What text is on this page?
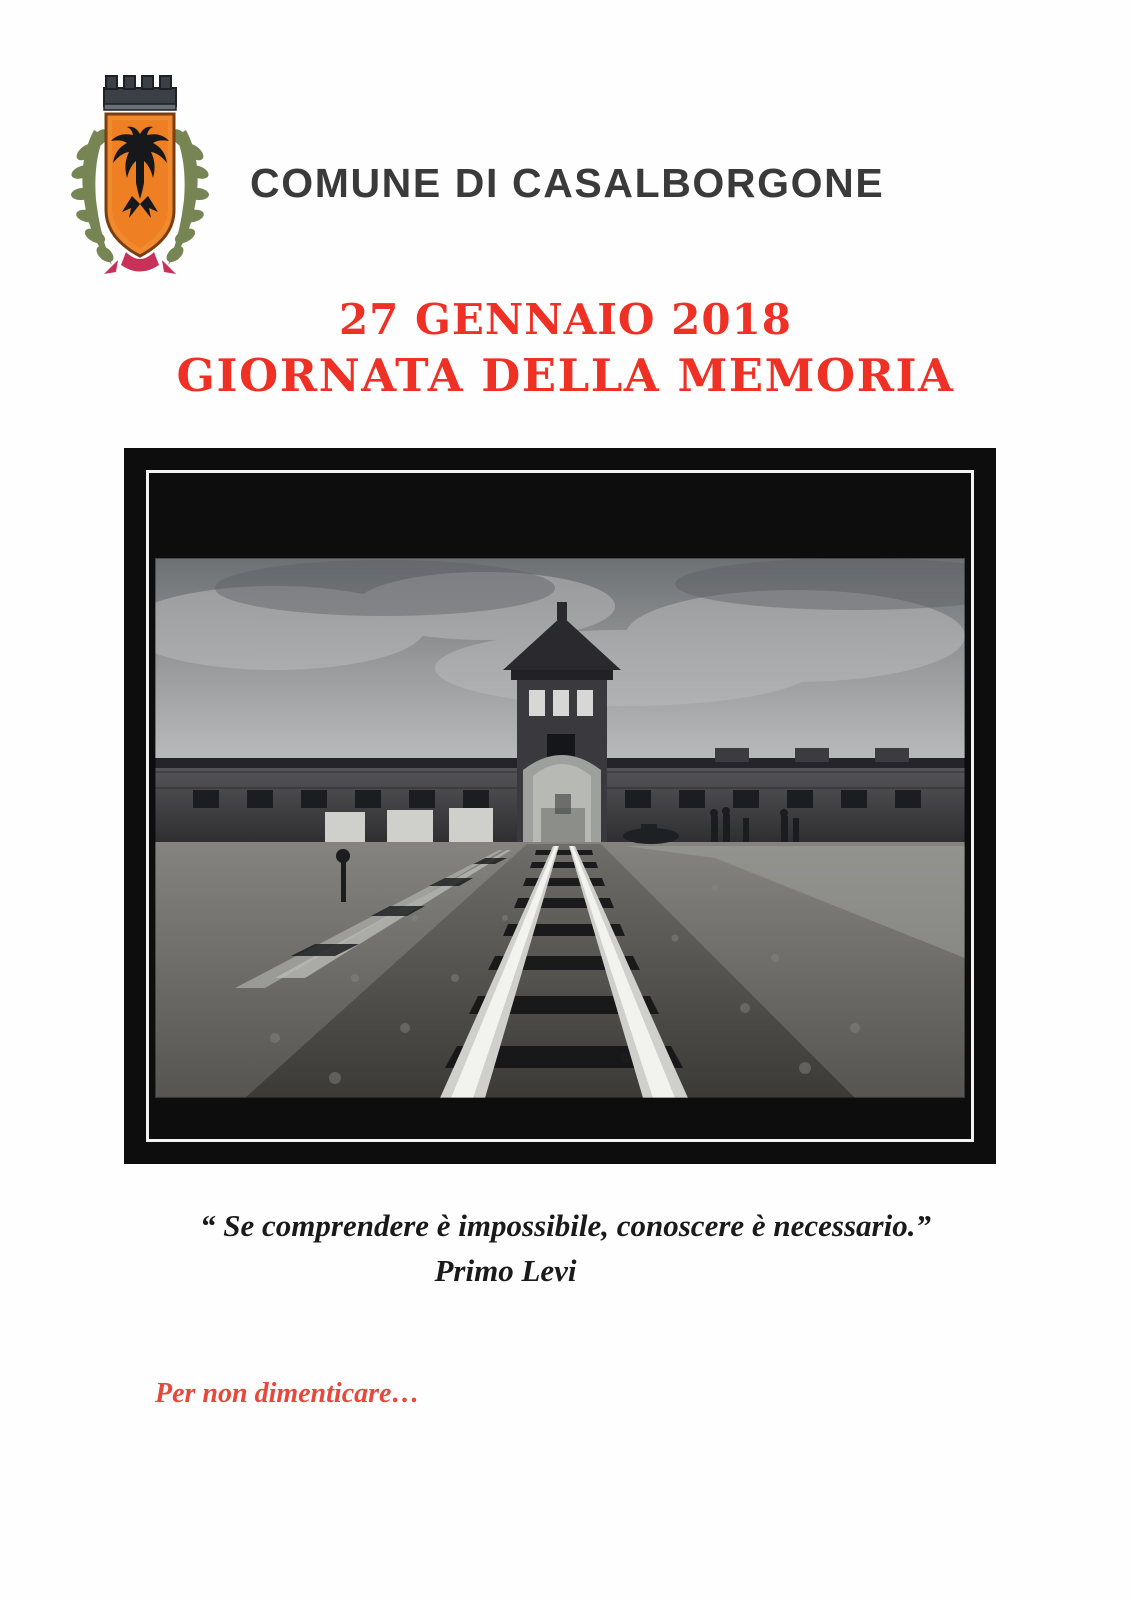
COMUNE DI CASALBORGONE
27 GENNAIO 2018
GIORNATA DELLA MEMORIA
“ Se comprendere è impossibile, conoscere è necessario.”
Primo Levi
Per non dimenticare…
